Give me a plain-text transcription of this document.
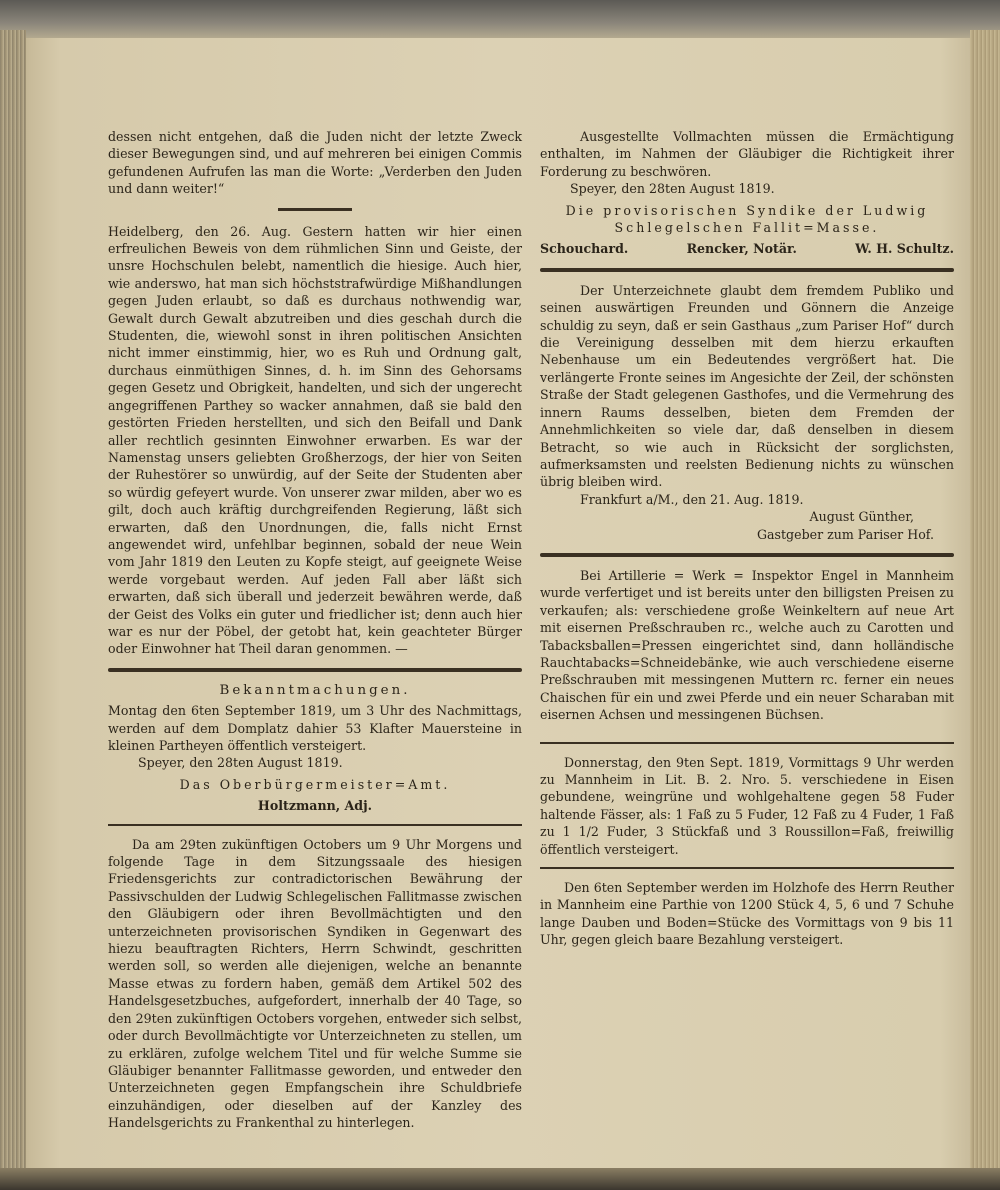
dessen nicht entgehen, daß die Juden nicht der letzte Zweck dieser Bewegungen sind, und auf mehreren bei einigen Commis gefundenen Aufrufen las man die Worte: „Verderben den Juden und dann weiter!“

Heidelberg, den 26. Aug. Gestern hatten wir hier einen erfreulichen Beweis von dem rühmlichen Sinn und Geiste, der unsre Hochschulen belebt, namentlich die hiesige. Auch hier, wie anderswo, hat man sich höchststrafwürdige Mißhandlungen gegen Juden erlaubt, so daß es durchaus nothwendig war, Gewalt durch Gewalt abzutreiben und dies geschah durch die Studenten, die, wiewohl sonst in ihren politischen Ansichten nicht immer einstimmig, hier, wo es Ruh und Ordnung galt, durchaus einmüthigen Sinnes, d. h. im Sinn des Gehorsams gegen Gesetz und Obrigkeit, handelten, und sich der ungerecht angegriffenen Parthey so wacker annahmen, daß sie bald den gestörten Frieden herstellten, und sich den Beifall und Dank aller rechtlich gesinnten Einwohner erwarben. Es war der Namenstag unsers geliebten Großherzogs, der hier von Seiten der Ruhestörer so unwürdig, auf der Seite der Studenten aber so würdig gefeyert wurde. Von unserer zwar milden, aber wo es gilt, doch auch kräftig durchgreifenden Regierung, läßt sich erwarten, daß den Unordnungen, die, falls nicht Ernst angewendet wird, unfehlbar beginnen, sobald der neue Wein vom Jahr 1819 den Leuten zu Kopfe steigt, auf geeignete Weise werde vorgebaut werden. Auf jeden Fall aber läßt sich erwarten, daß sich überall und jederzeit bewähren werde, daß der Geist des Volks ein guter und friedlicher ist; denn auch hier war es nur der Pöbel, der getobt hat, kein geachteter Bürger oder Einwohner hat Theil daran genommen. —

Bekanntmachungen.

Montag den 6ten September 1819, um 3 Uhr des Nachmittags, werden auf dem Domplatz dahier 53 Klafter Mauersteine in kleinen Partheyen öffentlich versteigert.

Speyer, den 28ten August 1819.

Das Oberbürgermeister=Amt.

Holtzmann, Adj.

Da am 29ten zukünftigen Octobers um 9 Uhr Morgens und folgende Tage in dem Sitzungssaale des hiesigen Friedensgerichts zur contradictorischen Bewährung der Passivschulden der Ludwig Schlegelischen Fallitmasse zwischen den Gläubigern oder ihren Bevollmächtigten und den unterzeichneten provisorischen Syndiken in Gegenwart des hiezu beauftragten Richters, Herrn Schwindt, geschritten werden soll, so werden alle diejenigen, welche an benannte Masse etwas zu fordern haben, gemäß dem Artikel 502 des Handelsgesetzbuches, aufgefordert, innerhalb der 40 Tage, so den 29ten zukünftigen Octobers vorgehen, entweder sich selbst, oder durch Bevollmächtigte vor Unterzeichneten zu stellen, um zu erklären, zufolge welchem Titel und für welche Summe sie Gläubiger benannter Fallitmasse geworden, und entweder den Unterzeichneten gegen Empfangschein ihre Schuldbriefe einzuhändigen, oder dieselben auf der Kanzley des Handelsgerichts zu Frankenthal zu hinterlegen.

Ausgestellte Vollmachten müssen die Ermächtigung enthalten, im Nahmen der Gläubiger die Richtigkeit ihrer Forderung zu beschwören.

Speyer, den 28ten August 1819.

Die provisorischen Syndike der Ludwig Schlegelschen Fallit=Masse.

Schouchard.	Rencker, Notär.	W. H. Schultz.

Der Unterzeichnete glaubt dem fremdem Publiko und seinen auswärtigen Freunden und Gönnern die Anzeige schuldig zu seyn, daß er sein Gasthaus „zum Pariser Hof“ durch die Vereinigung desselben mit dem hierzu erkauften Nebenhause um ein Bedeutendes vergrößert hat. Die verlängerte Fronte seines im Angesichte der Zeil, der schönsten Straße der Stadt gelegenen Gasthofes, und die Vermehrung des innern Raums desselben, bieten dem Fremden der Annehmlichkeiten so viele dar, daß denselben in diesem Betracht, so wie auch in Rücksicht der sorglichsten, aufmerksamsten und reelsten Bedienung nichts zu wünschen übrig bleiben wird.

Frankfurt a/M., den 21. Aug. 1819.

August Günther,

Gastgeber zum Pariser Hof.

Bei Artillerie = Werk = Inspektor Engel in Mannheim wurde verfertiget und ist bereits unter den billigsten Preisen zu verkaufen; als: verschiedene große Weinkeltern auf neue Art mit eisernen Preßschrauben rc., welche auch zu Carotten und Tabacksballen=Pressen eingerichtet sind, dann holländische Rauchtabacks=Schneidebänke, wie auch verschiedene eiserne Preßschrauben mit messingenen Muttern rc. ferner ein neues Chaischen für ein und zwei Pferde und ein neuer Scharaban mit eisernen Achsen und messingenen Büchsen.

Donnerstag, den 9ten Sept. 1819, Vormittags 9 Uhr werden zu Mannheim in Lit. B. 2. Nro. 5. verschiedene in Eisen gebundene, weingrüne und wohlgehaltene gegen 58 Fuder haltende Fässer, als: 1 Faß zu 5 Fuder, 12 Faß zu 4 Fuder, 1 Faß zu 1 1/2 Fuder, 3 Stückfaß und 3 Roussillon=Faß, freiwillig öffentlich versteigert.

Den 6ten September werden im Holzhofe des Herrn Reuther in Mannheim eine Parthie von 1200 Stück 4, 5, 6 und 7 Schuhe lange Dauben und Boden=Stücke des Vormittags von 9 bis 11 Uhr, gegen gleich baare Bezahlung versteigert.
